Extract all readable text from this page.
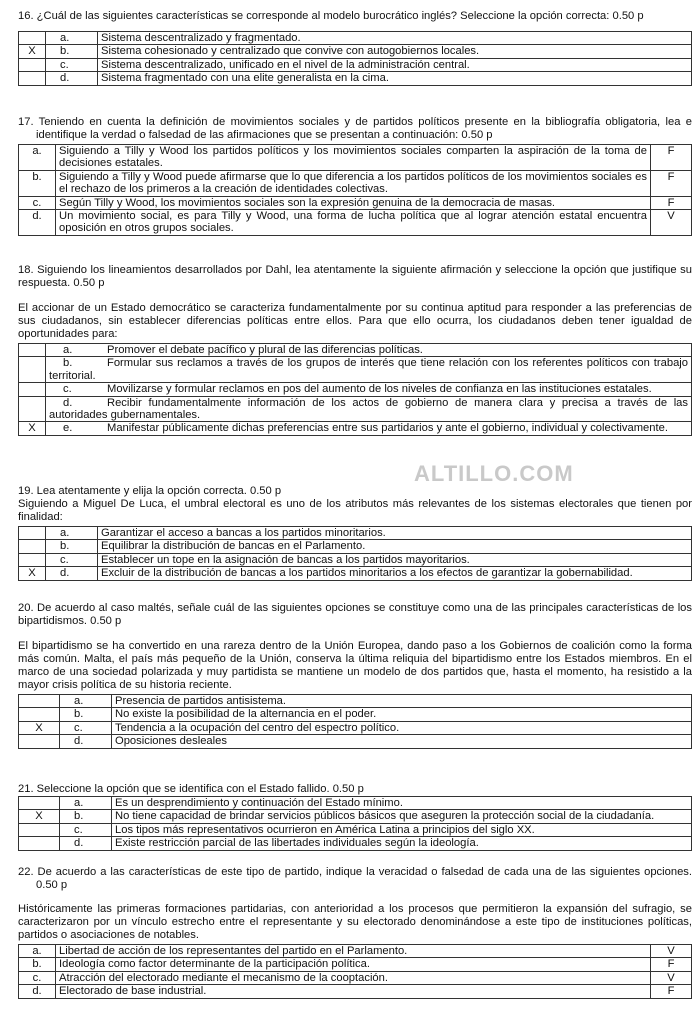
16. ¿Cuál de las siguientes características se corresponde al modelo burocrático inglés? Seleccione la opción correcta: 0.50 p

	a.	Sistema descentralizado y fragmentado.
X	b.	Sistema cohesionado y centralizado que convive con autogobiernos locales.
	c.	Sistema descentralizado, unificado en el nivel de la administración central.
	d.	Sistema fragmentado con una elite generalista en la cima.

17. Teniendo en cuenta la definición de movimientos sociales y de partidos políticos presente en la bibliografía obligatoria, lea e identifique la verdad o falsedad de las afirmaciones que se presentan a continuación: 0.50 p

a.	Siguiendo a Tilly y Wood los partidos políticos y los movimientos sociales comparten la aspiración de la toma de decisiones estatales.	F
b.	Siguiendo a Tilly y Wood puede afirmarse que lo que diferencia a los partidos políticos de los movimientos sociales es el rechazo de los primeros a la creación de identidades colectivas.	F
c.	Según Tilly y Wood, los movimientos sociales son la expresión genuina de la democracia de masas.	F
d.	Un movimiento social, es para Tilly y Wood, una forma de lucha política que al lograr atención estatal encuentra oposición en otros grupos sociales.	V

18. Siguiendo los lineamientos desarrollados por Dahl, lea atentamente la siguiente afirmación y seleccione la opción que justifique su respuesta. 0.50 p

El accionar de un Estado democrático se caracteriza fundamentalmente por su continua aptitud para responder a las preferencias de sus ciudadanos, sin establecer diferencias políticas entre ellos. Para que ello ocurra, los ciudadanos deben tener igualdad de oportunidades para:

	a. Promover el debate pacífico y plural de las diferencias políticas.
	b. Formular sus reclamos a través de los grupos de interés que tiene relación con los referentes políticos con trabajo territorial.
	c. Movilizarse y formular reclamos en pos del aumento de los niveles de confianza en las instituciones estatales.
	d. Recibir fundamentalmente información de los actos de gobierno de manera clara y precisa a través de las autoridades gubernamentales.
X	e. Manifestar públicamente dichas preferencias entre sus partidarios y ante el gobierno, individual y colectivamente.
ALTILLO.COM

19. Lea atentamente y elija la opción correcta. 0.50 p

Siguiendo a Miguel De Luca, el umbral electoral es uno de los atributos más relevantes de los sistemas electorales que tienen por finalidad:

	a.	Garantizar el acceso a bancas a los partidos minoritarios.
	b.	Equilibrar la distribución de bancas en el Parlamento.
	c.	Establecer un tope en la asignación de bancas a los partidos mayoritarios.
X	d.	Excluir de la distribución de bancas a los partidos minoritarios a los efectos de garantizar la gobernabilidad.

20. De acuerdo al caso maltés, señale cuál de las siguientes opciones se constituye como una de las principales características de los bipartidismos. 0.50 p

El bipartidismo se ha convertido en una rareza dentro de la Unión Europea, dando paso a los Gobiernos de coalición como la forma más común. Malta, el país más pequeño de la Unión, conserva la última reliquia del bipartidismo entre los Estados miembros. En el marco de una sociedad polarizada y muy partidista se mantiene un modelo de dos partidos que, hasta el momento, ha resistido a la mayor crisis política de su historia reciente.

	a.	Presencia de partidos antisistema.
	b.	No existe la posibilidad de la alternancia en el poder.
X	c.	Tendencia a la ocupación del centro del espectro político.
	d.	Oposiciones desleales

21. Seleccione la opción que se identifica con el Estado fallido. 0.50 p

	a.	Es un desprendimiento y continuación del Estado mínimo.
X	b.	No tiene capacidad de brindar servicios públicos básicos que aseguren la protección social de la ciudadanía.
	c.	Los tipos más representativos ocurrieron en América Latina a principios del siglo XX.
	d.	Existe restricción parcial de las libertades individuales según la ideología.

22. De acuerdo a las características de este tipo de partido, indique la veracidad o falsedad de cada una de las siguientes opciones. 0.50 p

Históricamente las primeras formaciones partidarias, con anterioridad a los procesos que permitieron la expansión del sufragio, se caracterizaron por un vínculo estrecho entre el representante y su electorado denominándose a este tipo de instituciones políticas, partidos o asociaciones de notables.

a.	Libertad de acción de los representantes del partido en el Parlamento.	V
b.	Ideología como factor determinante de la participación política.	F
c.	Atracción del electorado mediante el mecanismo de la cooptación.	V
d.	Electorado de base industrial.	F
